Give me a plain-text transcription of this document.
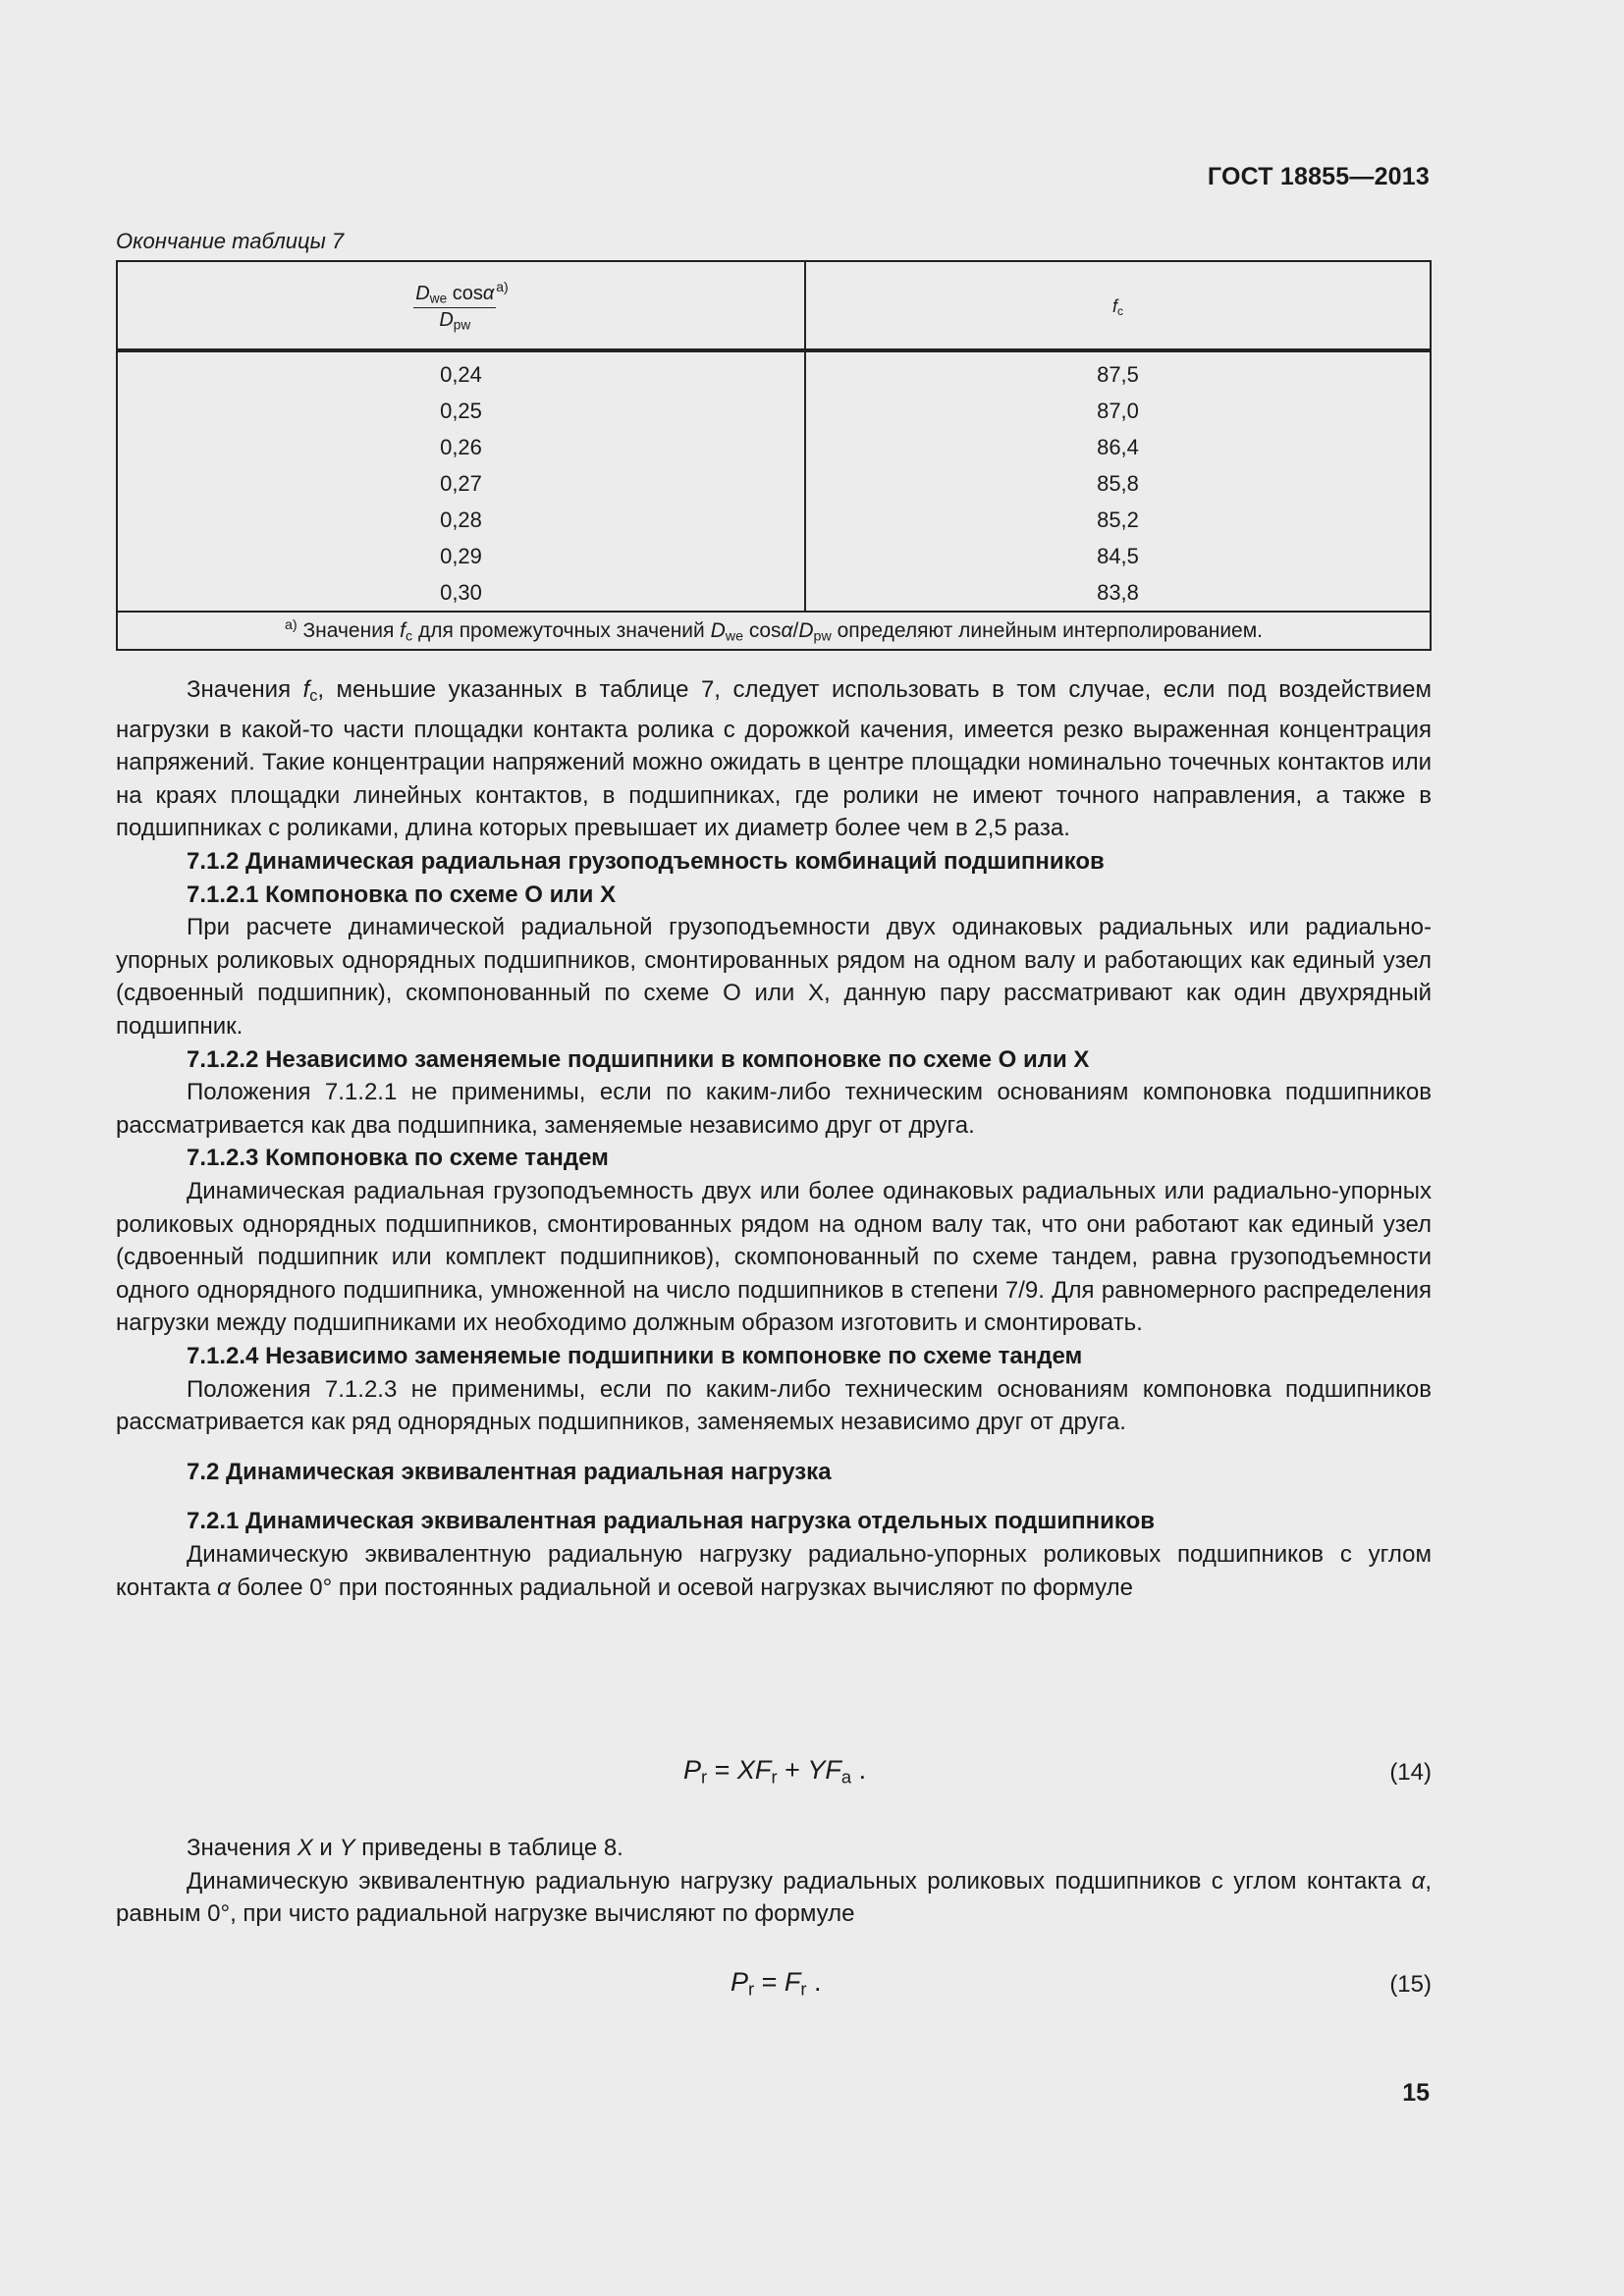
ГОСТ 18855—2013
Окончание таблицы 7
$\frac{D_{we} \cos\alpha}{D_{pw}} ^{a)}$	$f_c$
0,24	87,5
0,25	87,0
0,26	86,4
0,27	85,8
0,28	85,2
0,29	84,5
0,30	83,8
$^{а)}$ Значения $f_c$ для промежуточных значений $D_{we}$ cosα/$D_{pw}$ определяют линейным интерполированием.	

Значения $f_c$, меньшие указанных в таблице 7, следует использовать в том случае, если под воздействием нагрузки в какой-то части площадки контакта ролика с дорожкой качения, имеется резко выраженная концентрация напряжений. Такие концентрации напряжений можно ожидать в центре площадки номинально точечных контактов или на краях площадки линейных контактов, в подшипниках, где ролики не имеют точного направления, а также в подшипниках с роликами, длина которых превышает их диаметр более чем в 2,5 раза.

7.1.2 Динамическая радиальная грузоподъемность комбинаций подшипников

7.1.2.1 Компоновка по схеме О или Х

При расчете динамической радиальной грузоподъемности двух одинаковых радиальных или радиально-упорных роликовых однорядных подшипников, смонтированных рядом на одном валу и работающих как единый узел (сдвоенный подшипник), скомпонованный по схеме О или Х, данную пару рассматривают как один двухрядный подшипник.

7.1.2.2 Независимо заменяемые подшипники в компоновке по схеме О или Х

Положения 7.1.2.1 не применимы, если по каким-либо техническим основаниям компоновка подшипников рассматривается как два подшипника, заменяемые независимо друг от друга.

7.1.2.3 Компоновка по схеме тандем

Динамическая радиальная грузоподъемность двух или более одинаковых радиальных или радиально-упорных роликовых однорядных подшипников, смонтированных рядом на одном валу так, что они работают как единый узел (сдвоенный подшипник или комплект подшипников), скомпонованный по схеме тандем, равна грузоподъемности одного однорядного подшипника, умноженной на число подшипников в степени 7/9. Для равномерного распределения нагрузки между подшипниками их необходимо должным образом изготовить и смонтировать.

7.1.2.4 Независимо заменяемые подшипники в компоновке по схеме тандем

Положения 7.1.2.3 не применимы, если по каким-либо техническим основаниям компоновка подшипников рассматривается как ряд однорядных подшипников, заменяемых независимо друг от друга.

7.2 Динамическая эквивалентная радиальная нагрузка

7.2.1 Динамическая эквивалентная радиальная нагрузка отдельных подшипников

Динамическую эквивалентную радиальную нагрузку радиально-упорных роликовых подшипников с углом контакта α более 0° при постоянных радиальной и осевой нагрузках вычисляют по формуле

$P_r = XF_r + YF_a$ .	(14)

Значения X и Y приведены в таблице 8.

Динамическую эквивалентную радиальную нагрузку радиальных роликовых подшипников с углом контакта α, равным 0°, при чисто радиальной нагрузке вычисляют по формуле

$P_r = F_r$ .	(15)
15
